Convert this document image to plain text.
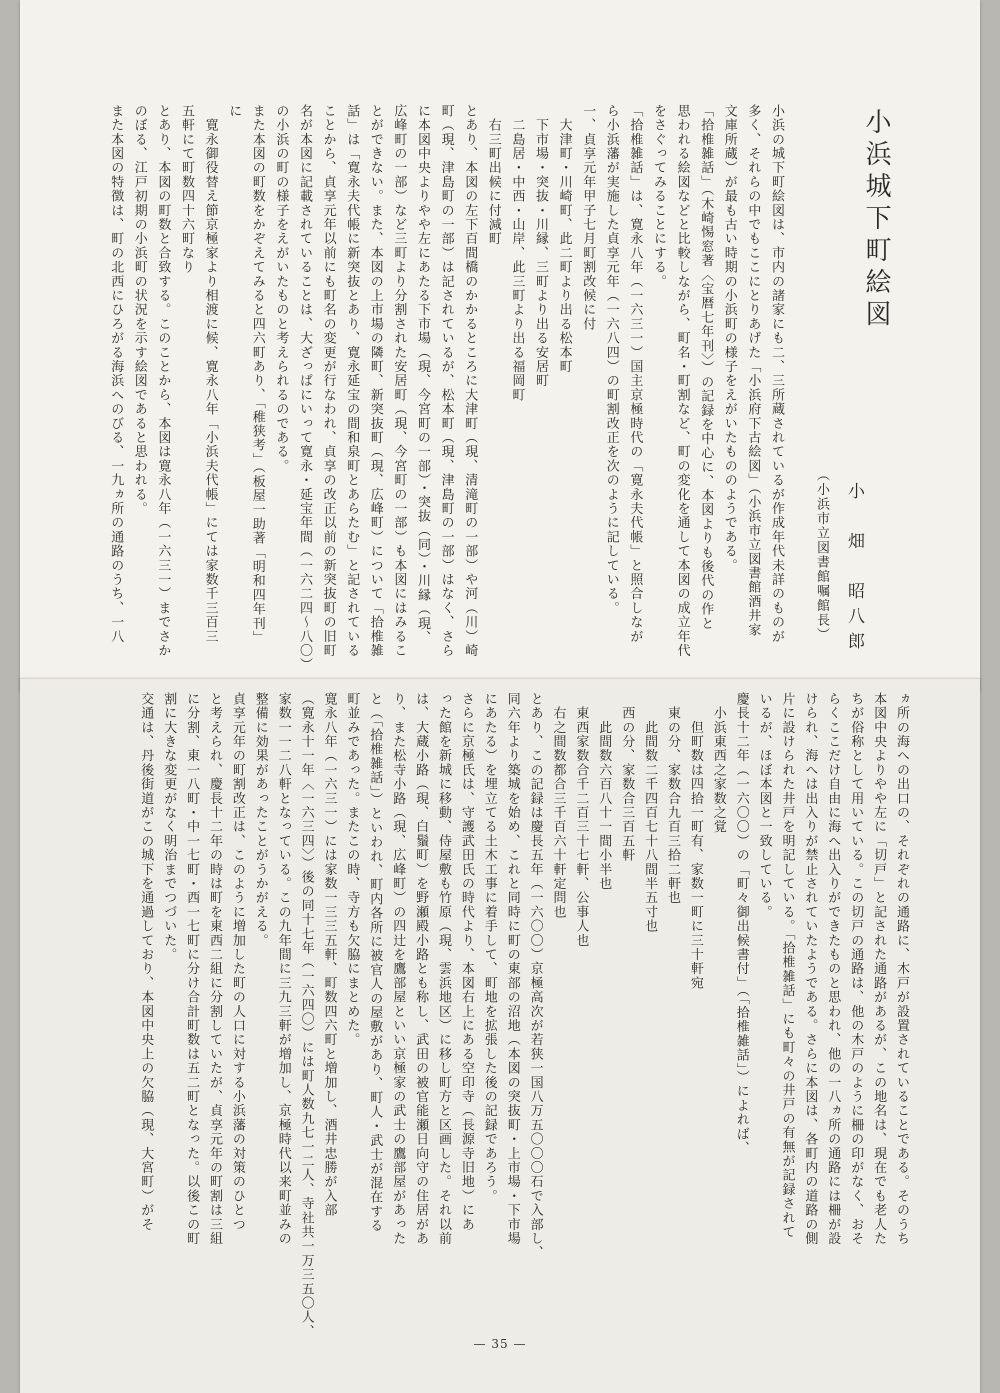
小浜城下町絵図
小　畑　昭八郎
（小浜市立図書館嘱館長）
小浜の城下町絵図は、市内の諸家にも二、三所蔵されているが作成年代未詳のものが
多く、それらの中でもここにとりあげた「小浜府下古絵図」（小浜市立図書館酒井家
文庫所蔵）が最も古い時期の小浜町の様子をえがいたもののようである。
「拾椎雑話」（木崎惕窓著〈宝暦七年刊〉）の記録を中心に、本図よりも後代の作と
思われる絵図などと比較しながら、町名・町割など、町の変化を通して本図の成立年代
をさぐってみることにする。
「拾椎雑話」は、寛永八年（一六三一）国主京極時代の「寛永夫代帳」と照合しなが
ら小浜藩が実施した貞享元年（一六八四）の町割改正を次のように記している。
一、貞享元年甲子七月町割改候に付
　大津町・川崎町、此二町より出る松本町
　下市場・突抜・川縁、三町より出る安居町
　二島居・中西・山岸、此三町より出る福岡町
　右三町出候に付減町
とあり、本図の左下百間橋のかかるところに大津町（現、清滝町の一部）や河（川）崎
町（現、津島町の一部）は記されているが、松本町（現、津島町の一部）はなく、さら
に本図中央よりやや左にあたる下市場（現、今宮町の一部）・突抜（同）・川縁（現、
広峰町の一部）など三町より分割された安居町（現、今宮町の一部）も本図にはみるこ
とができない。また、本図の上市場の隣町、新突抜町（現、広峰町）について「拾椎雑
話」は「寛永夫代帳に新突抜とあり、寛永延宝の間和泉町とあらたむ」と記されている
ことから、貞享元年以前にも町名の変更が行なわれ、貞享の改正以前の新突抜町の旧町
名が本図に記載されていることは、大ざっぱにいって寛永・延宝年間（一六二四〜八〇）
の小浜の町の様子をえがいたものと考えられるのである。
また本図の町数をかぞえてみると四六町あり、「稚狭考」（板屋一助著「明和四年刊」
に
　寛永御役替え節京極家より相渡に候、寛永八年「小浜夫代帳」にては家数千三百三
五軒にて町数四十六町なり
とあり、本図の町数と合致する。このことから、本図は寛永八年（一六三一）までさか
のぼる、江戸初期の小浜町の状況を示す絵図であると思われる。
また本図の特徴は、町の北西にひろがる海浜へのびる、一九ヵ所の通路のうち、一八
ヵ所の海への出口の、それぞれの通路に、木戸が設置されていることである。そのうち
本図中央よりやや左に「切戸」と記された通路があるが、この地名は、現在でも老人た
ちが俗称として用いている。この切戸の通路は、他の木戸のように柵の印がなく、おそ
らくここだけ自由に海へ出入りができたものと思われ、他の一八ヵ所の通路には柵が設
けられ、海へは出入りが禁止されていたようである。さらに本図は、各町内の道路の側
片に設けられた井戸を明記している。「拾椎雑話」にも町々の井戸の有無が記録されて
いるが、ほぼ本図と一致している。
慶長十二年（一六〇〇）の「町々御出候書付」（「拾椎雑話」）によれば、
　小浜東西之家数之覚
　　但町数は四拾一町有、家数一町に三十軒宛
　東の分、家数合九百三拾二軒也
　　此間数二千四百七十八間半五寸也
　西の分、家数合三百五軒
　　此間数六百八十一間小半也
　東西家数合千二百三十七軒、公事人也
　右之間数都合三千百六十軒定問也
とあり、この記録は慶長五年（一六〇〇）京極高次が若狭一国八万五〇〇〇石で入部し、
同六年より築城を始め、これと同時に町の東部の沼地（本図の突抜町・上市場・下市場
にあたる）を埋立てる土木工事に着手して、町地を拡張した後の記録であろう。
さらに京極氏は、守護武田氏の時代より、本図右上にある空印寺（長源寺旧地）にあ
った館を新城に移動、侍屋敷も竹原（現、雲浜地区）に移し町方と区画した。それ以前
は、大蔵小路（現、白鬚町）を野瀬殿小路とも称し、武田の被官能瀬日向守の住居があ
り、また松寺小路（現、広峰町）の四辻を鷹部屋といい京極家の武士の鷹部屋があった
と（「拾椎雑話」）といわれ、町内各所に被官人の屋敷があり、町人・武士が混在する
町並みであった。またこの時、寺方も欠脇にまとめた。
寛永八年（一六三一）には家数一三三五軒、町数四六町と増加し、酒井忠勝が入部
（寛永十一年〈一六三四〉）後の同十七年（一六四〇）には町人数九七一二人、寺社共一万三五〇人、
家数一一二八軒となっている。この九年間に三九三軒が増加し、京極時代以来町並みの
整備に効果があったことがうかがえる。
貞享元年の町割改正は、このように増加した町の人口に対する小浜藩の対策のひとつ
と考えられ、慶長十二年の時は町を東西二組に分割していたが、貞享元年の町割は三組
に分割、東一八町・中一七町・西一七町に分け合計町数は五二町となった。以後この町
割に大きな変更がなく明治までつづいた。
交通は、丹後街道がこの城下を通過しており、本図中央上の欠脇（現、大宮町）がそ
— 35 —
